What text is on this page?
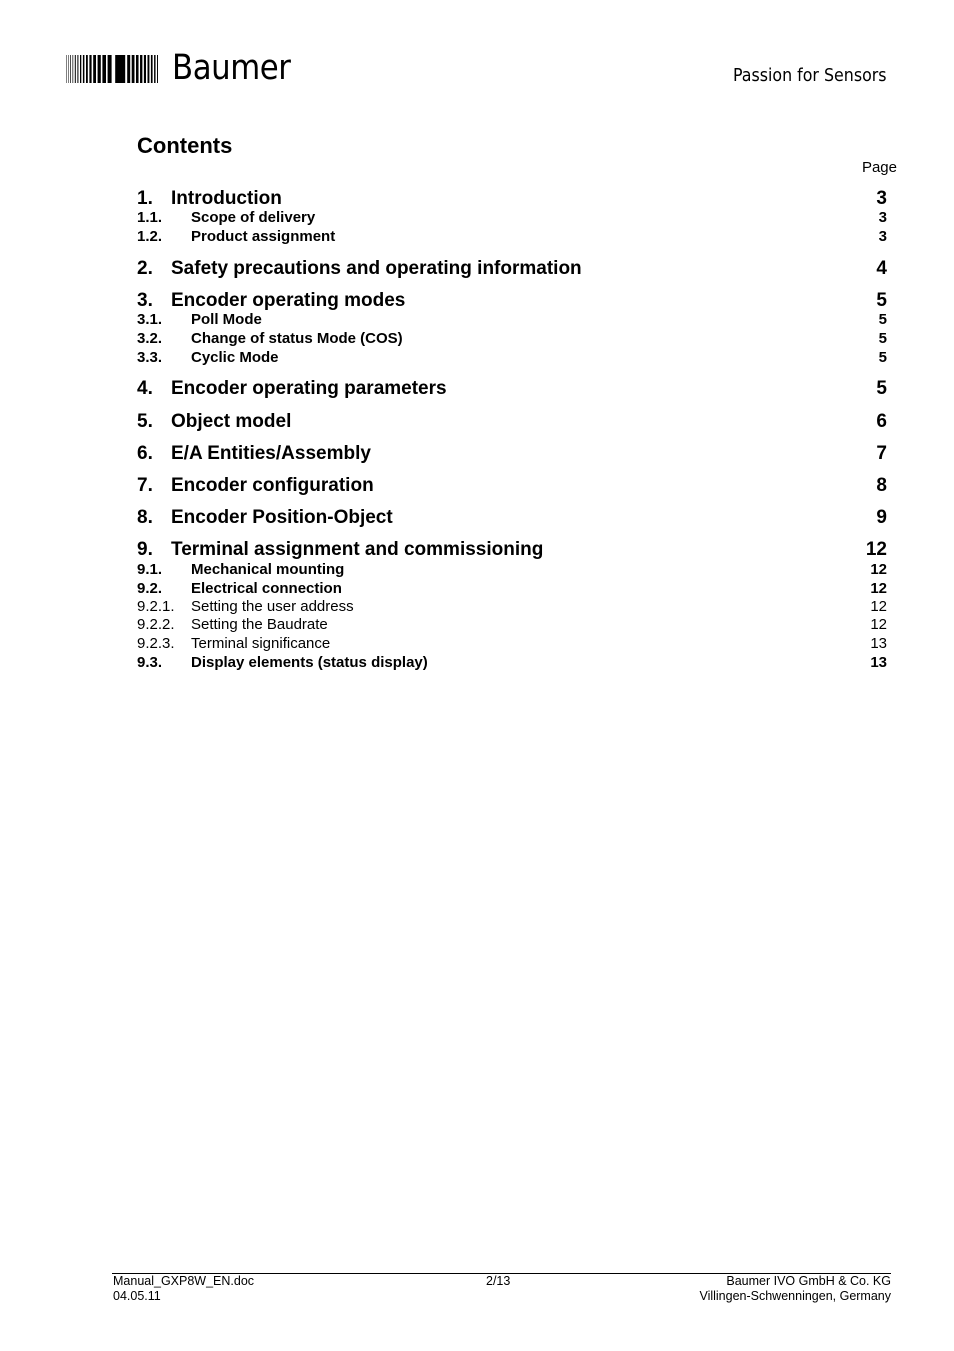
Baumer	Passion for Sensors
Contents
Page
1. Introduction	3
1.1. Scope of delivery	3
1.2. Product assignment	3
2. Safety precautions and operating information	4
3. Encoder operating modes	5
3.1. Poll Mode	5
3.2. Change of status Mode (COS)	5
3.3. Cyclic Mode	5
4. Encoder operating parameters	5
5. Object model	6
6. E/A Entities/Assembly	7
7. Encoder configuration	8
8. Encoder Position-Object	9
9. Terminal assignment and commissioning	12
9.1. Mechanical mounting	12
9.2. Electrical connection	12
9.2.1. Setting the user address	12
9.2.2. Setting the Baudrate	12
9.2.3. Terminal significance	13
9.3. Display elements (status display)	13
Manual_GXP8W_EN.doc
04.05.11
2/13	Baumer IVO GmbH & Co. KG
Villingen-Schwenningen, Germany
